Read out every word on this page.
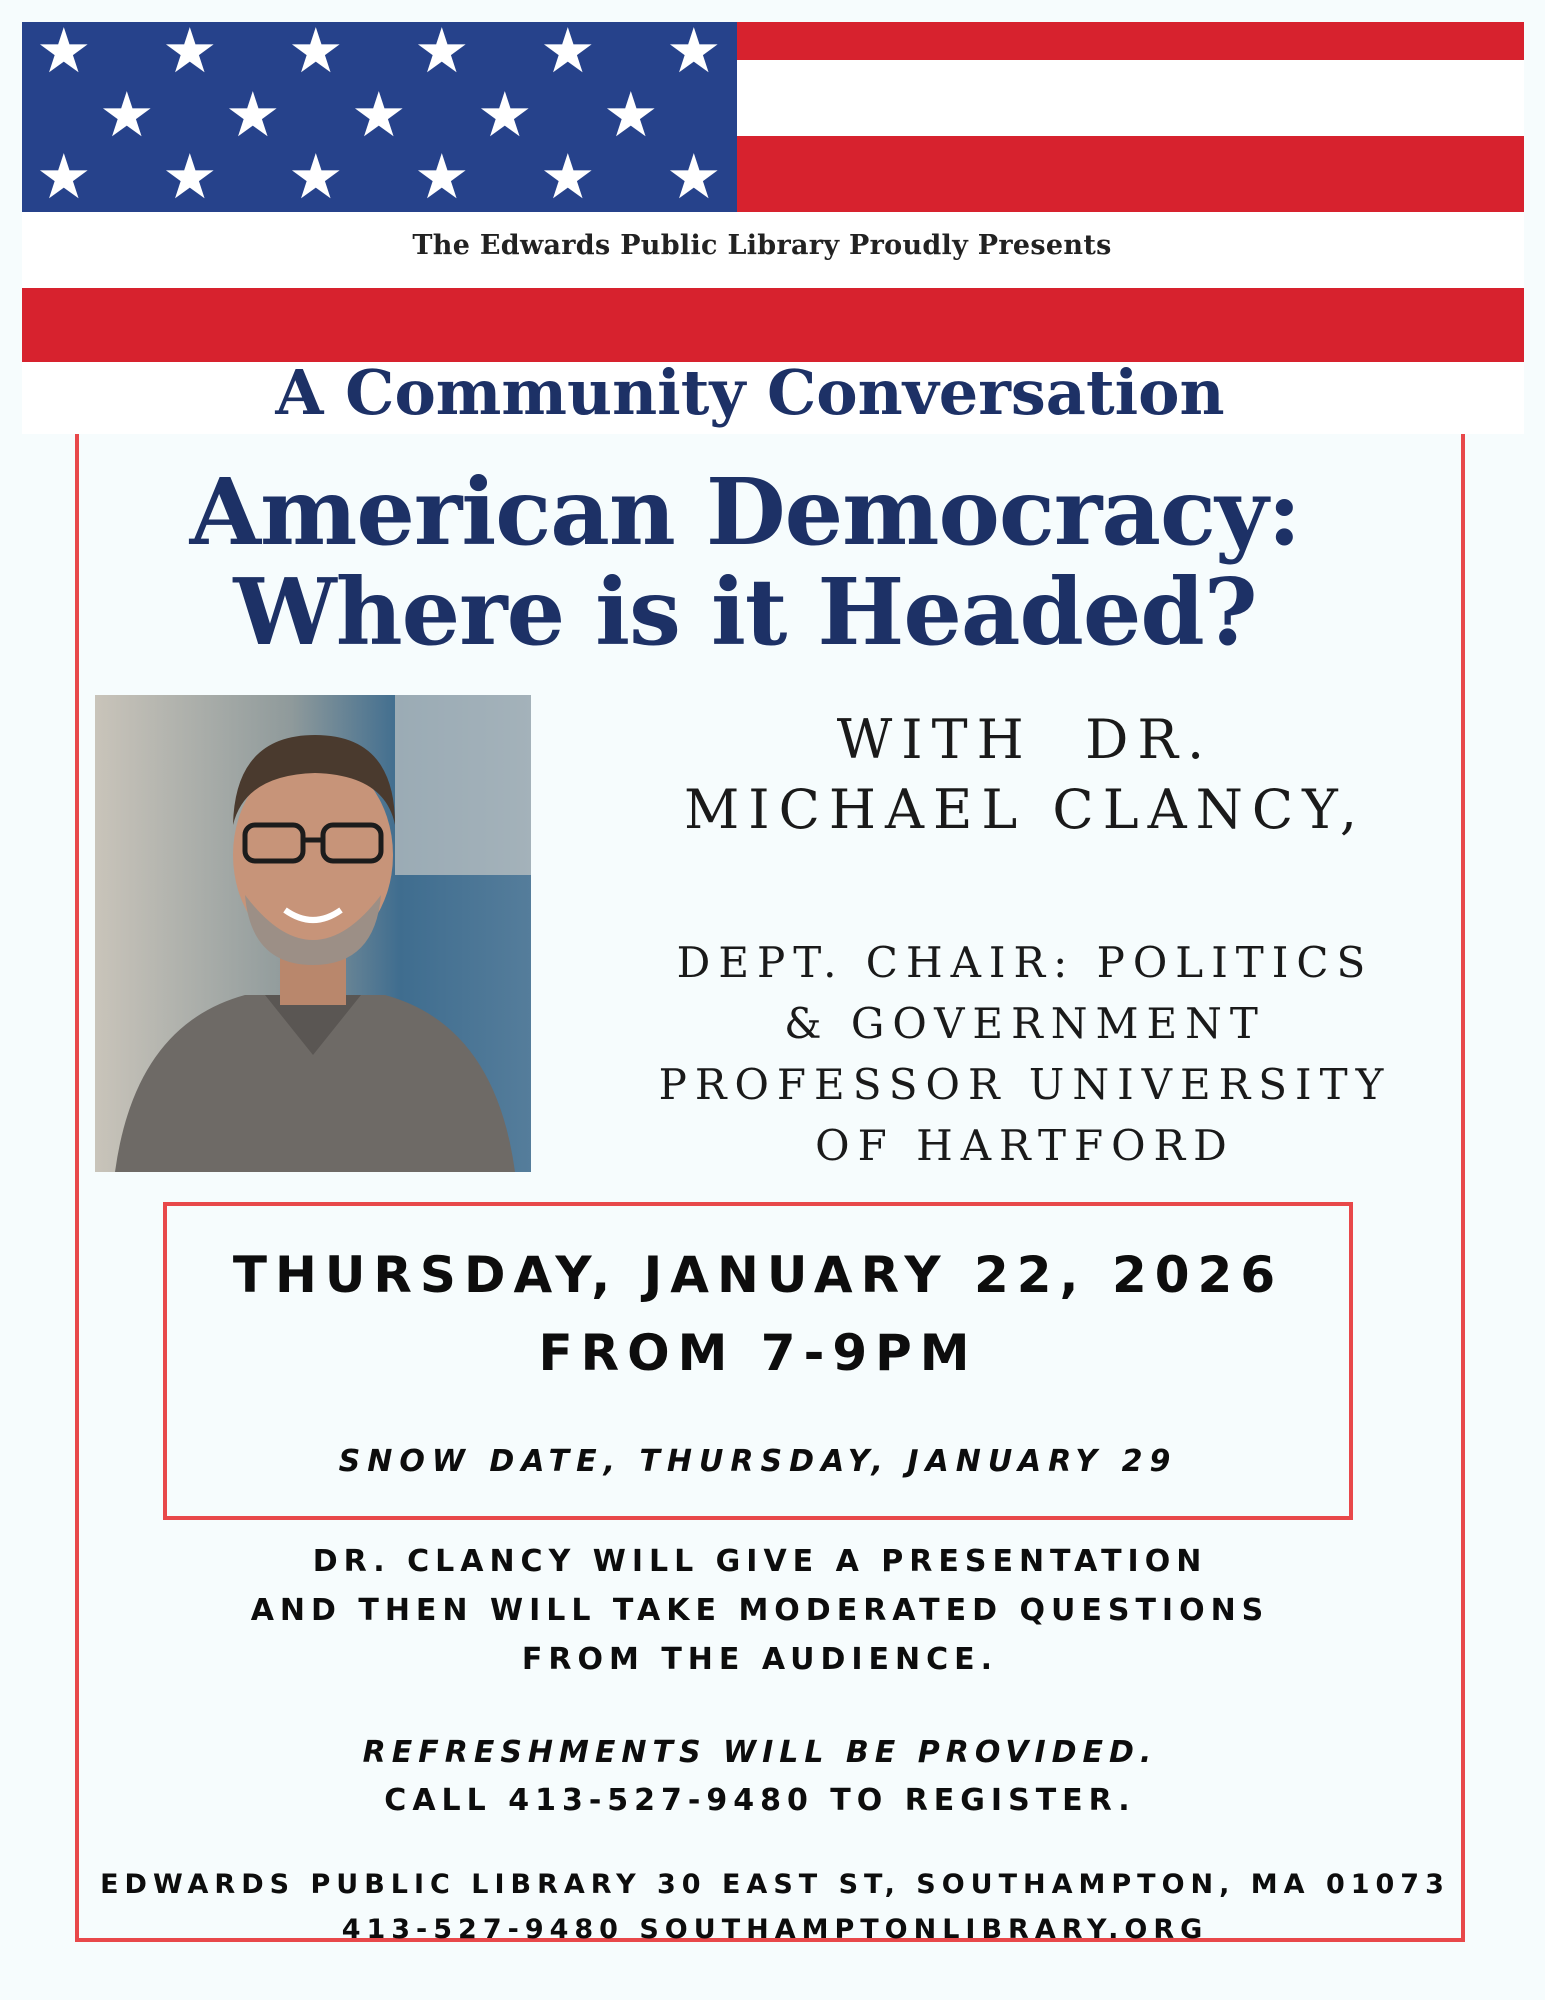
★ ★ ★ ★ ★ ★
★ ★ ★ ★ ★
★ ★ ★ ★ ★ ★
The Edwards Public Library Proudly Presents
A Community Conversation
American Democracy:
Where is it Headed?
WITH  DR.
MICHAEL CLANCY,
DEPT. CHAIR: POLITICS
& GOVERNMENT
PROFESSOR UNIVERSITY
OF HARTFORD
THURSDAY, JANUARY 22, 2026
FROM 7-9PM
SNOW DATE, THURSDAY, JANUARY 29
DR. CLANCY WILL GIVE A PRESENTATION
AND THEN WILL TAKE MODERATED QUESTIONS
FROM THE AUDIENCE.
REFRESHMENTS WILL BE PROVIDED.
CALL 413-527-9480 TO REGISTER.
EDWARDS PUBLIC LIBRARY 30 EAST ST, SOUTHAMPTON, MA 01073
413-527-9480 SOUTHAMPTONLIBRARY.ORG
